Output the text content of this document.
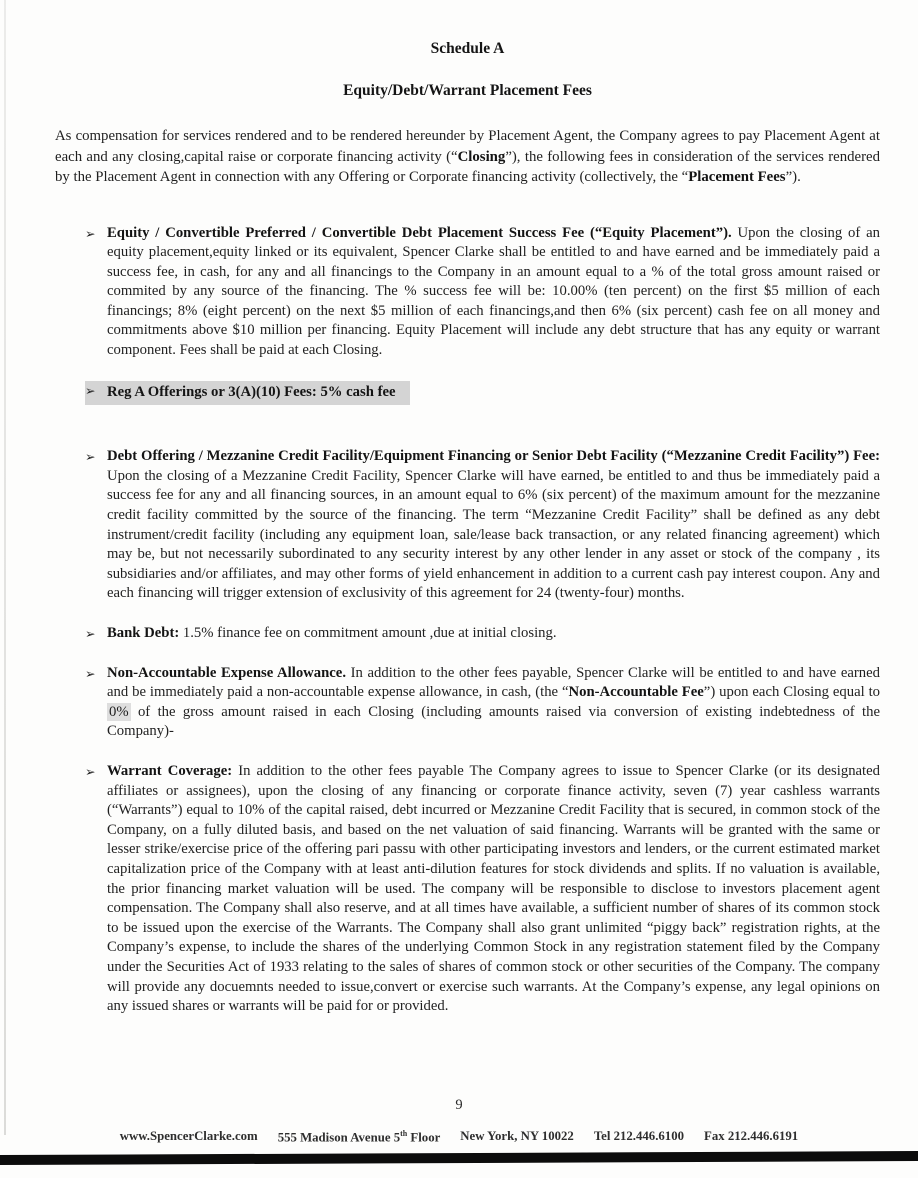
Schedule A
Equity/Debt/Warrant Placement Fees

As compensation for services rendered and to be rendered hereunder by Placement Agent, the Company agrees to pay Placement Agent at each and any closing,capital raise or corporate financing activity (“Closing”), the following fees in consideration of the services rendered by the Placement Agent in connection with any Offering or Corporate financing activity (collectively, the “Placement Fees”).

➢ Equity / Convertible Preferred / Convertible Debt Placement Success Fee (“Equity Placement”). Upon the closing of an equity placement,equity linked or its equivalent, Spencer Clarke shall be entitled to and have earned and be immediately paid a success fee, in cash, for any and all financings to the Company in an amount equal to a % of the total gross amount raised or commited by any source of the financing. The % success fee will be: 10.00% (ten percent) on the first $5 million of each financings; 8% (eight percent) on the next $5 million of each financings,and then 6% (six percent) cash fee on all money and commitments above $10 million per financing. Equity Placement will include any debt structure that has any equity or warrant component. Fees shall be paid at each Closing.
➢ Reg A Offerings or 3(A)(10) Fees: 5% cash fee
➢ Debt Offering / Mezzanine Credit Facility/Equipment Financing or Senior Debt Facility (“Mezzanine Credit Facility”) Fee: Upon the closing of a Mezzanine Credit Facility, Spencer Clarke will have earned, be entitled to and thus be immediately paid a success fee for any and all financing sources, in an amount equal to 6% (six percent) of the maximum amount for the mezzanine credit facility committed by the source of the financing. The term “Mezzanine Credit Facility” shall be defined as any debt instrument/credit facility (including any equipment loan, sale/lease back transaction, or any related financing agreement) which may be, but not necessarily subordinated to any security interest by any other lender in any asset or stock of the company , its subsidiaries and/or affiliates, and may other forms of yield enhancement in addition to a current cash pay interest coupon. Any and each financing will trigger extension of exclusivity of this agreement for 24 (twenty-four) months.
➢ Bank Debt: 1.5% finance fee on commitment amount ,due at initial closing.
➢ Non-Accountable Expense Allowance. In addition to the other fees payable, Spencer Clarke will be entitled to and have earned and be immediately paid a non-accountable expense allowance, in cash, (the “Non-Accountable Fee”) upon each Closing equal to 0% of the gross amount raised in each Closing (including amounts raised via conversion of existing indebtedness of the Company)-
➢ Warrant Coverage: In addition to the other fees payable The Company agrees to issue to Spencer Clarke (or its designated affiliates or assignees), upon the closing of any financing or corporate finance activity, seven (7) year cashless warrants (“Warrants”) equal to 10% of the capital raised, debt incurred or Mezzanine Credit Facility that is secured, in common stock of the Company, on a fully diluted basis, and based on the net valuation of said financing. Warrants will be granted with the same or lesser strike/exercise price of the offering pari passu with other participating investors and lenders, or the current estimated market capitalization price of the Company with at least anti-dilution features for stock dividends and splits. If no valuation is available, the prior financing market valuation will be used. The company will be responsible to disclose to investors placement agent compensation. The Company shall also reserve, and at all times have available, a sufficient number of shares of its common stock to be issued upon the exercise of the Warrants. The Company shall also grant unlimited “piggy back” registration rights, at the Company’s expense, to include the shares of the underlying Common Stock in any registration statement filed by the Company under the Securities Act of 1933 relating to the sales of shares of common stock or other securities of the Company. The company will provide any docuemnts needed to issue,convert or exercise such warrants. At the Company’s expense, any legal opinions on any issued shares or warrants will be paid for or provided.
9
www.SpencerClarke.com 555 Madison Avenue 5th Floor New York, NY 10022 Tel 212.446.6100 Fax 212.446.6191
